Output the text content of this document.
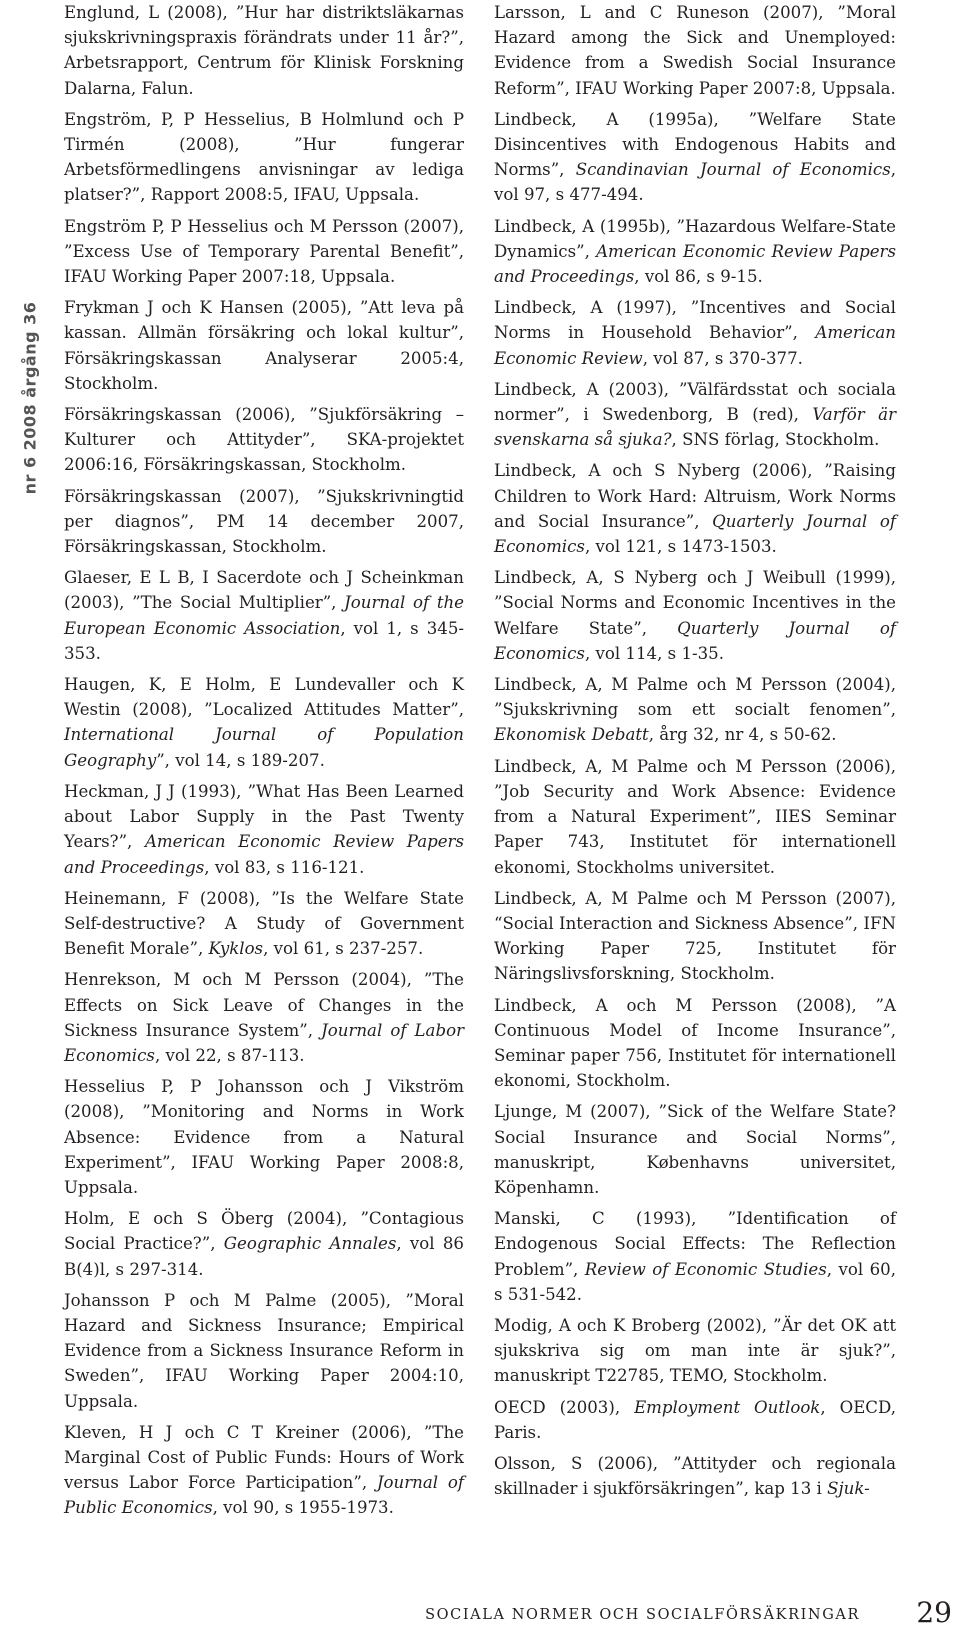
nr 6 2008 årgång 36

Englund, L (2008), ”Hur har distriktsläkarnas sjukskrivningspraxis förändrats under 11 år?”, Arbetsrapport, Centrum för Klinisk Forskning Dalarna, Falun.

Engström, P, P Hesselius, B Holmlund och P Tirmén (2008), ”Hur fungerar Arbetsförmedlingens anvisningar av lediga platser?”, Rapport 2008:5, IFAU, Uppsala.

Engström P, P Hesselius och M Persson (2007), ”Excess Use of Temporary Parental Benefit”, IFAU Working Paper 2007:18, Uppsala.

Frykman J och K Hansen (2005), ”Att leva på kassan. Allmän försäkring och lokal kultur”, Försäkringskassan Analyserar 2005:4, Stockholm.

Försäkringskassan (2006), ”Sjukförsäkring – Kulturer och Attityder”, SKA-projektet 2006:16, Försäkringskassan, Stockholm.

Försäkringskassan (2007), ”Sjukskrivningtid per diagnos”, PM 14 december 2007, Försäkringskassan, Stockholm.

Glaeser, E L B, I Sacerdote och J Scheinkman (2003), ”The Social Multiplier”, Journal of the European Economic Association, vol 1, s 345-353.

Haugen, K, E Holm, E Lundevaller och K Westin (2008), ”Localized Attitudes Matter”, International Journal of Population Geography”, vol 14, s 189-207.

Heckman, J J (1993), ”What Has Been Learned about Labor Supply in the Past Twenty Years?”, American Economic Review Papers and Proceedings, vol 83, s 116-121.

Heinemann, F (2008), ”Is the Welfare State Self-destructive? A Study of Government Benefit Morale”, Kyklos, vol 61, s 237-257.

Henrekson, M och M Persson (2004), ”The Effects on Sick Leave of Changes in the Sickness Insurance System”, Journal of Labor Economics, vol 22, s 87-113.

Hesselius P, P Johansson och J Vikström (2008), ”Monitoring and Norms in Work Absence: Evidence from a Natural Experiment”, IFAU Working Paper 2008:8, Uppsala.

Holm, E och S Öberg (2004), ”Contagious Social Practice?”, Geographic Annales, vol 86 B(4)l, s 297-314.

Johansson P och M Palme (2005), ”Moral Hazard and Sickness Insurance; Empirical Evidence from a Sickness Insurance Reform in Sweden”, IFAU Working Paper 2004:10, Uppsala.

Kleven, H J och C T Kreiner (2006), ”The Marginal Cost of Public Funds: Hours of Work versus Labor Force Participation”, Journal of Public Economics, vol 90, s 1955-1973.

Larsson, L and C Runeson (2007), ”Moral Hazard among the Sick and Unemployed: Evidence from a Swedish Social Insurance Reform”, IFAU Working Paper 2007:8, Uppsala.

Lindbeck, A (1995a), ”Welfare State Disincentives with Endogenous Habits and Norms”, Scandinavian Journal of Economics, vol 97, s 477-494.

Lindbeck, A (1995b), ”Hazardous Welfare-State Dynamics”, American Economic Review Papers and Proceedings, vol 86, s 9-15.

Lindbeck, A (1997), ”Incentives and Social Norms in Household Behavior”, American Economic Review, vol 87, s 370-377.

Lindbeck, A (2003), ”Välfärdsstat och sociala normer”, i Swedenborg, B (red), Varför är svenskarna så sjuka?, SNS förlag, Stockholm.

Lindbeck, A och S Nyberg (2006), ”Raising Children to Work Hard: Altruism, Work Norms and Social Insurance”, Quarterly Journal of Economics, vol 121, s 1473-1503.

Lindbeck, A, S Nyberg och J Weibull (1999), ”Social Norms and Economic Incentives in the Welfare State”, Quarterly Journal of Economics, vol 114, s 1-35.

Lindbeck, A, M Palme och M Persson (2004), ”Sjukskrivning som ett socialt fenomen”, Ekonomisk Debatt, årg 32, nr 4, s 50-62.

Lindbeck, A, M Palme och M Persson (2006), ”Job Security and Work Absence: Evidence from a Natural Experiment”, IIES Seminar Paper 743, Institutet för internationell ekonomi, Stockholms universitet.

Lindbeck, A, M Palme och M Persson (2007), “Social Interaction and Sickness Absence”, IFN Working Paper 725, Institutet för Näringslivsforskning, Stockholm.

Lindbeck, A och M Persson (2008), ”A Continuous Model of Income Insurance”, Seminar paper 756, Institutet för internationell ekonomi, Stockholm.

Ljunge, M (2007), ”Sick of the Welfare State? Social Insurance and Social Norms”, manuskript, Københavns universitet, Köpenhamn.

Manski, C (1993), ”Identification of Endogenous Social Effects: The Reflection Problem”, Review of Economic Studies, vol 60, s 531-542.

Modig, A och K Broberg (2002), ”Är det OK att sjukskriva sig om man inte är sjuk?”, manuskript T22785, TEMO, Stockholm.

OECD (2003), Employment Outlook, OECD, Paris.

Olsson, S (2006), ”Attityder och regionala skillnader i sjukförsäkringen”, kap 13 i Sjuk-

SOCIALA NORMER OCH SOCIALFÖRSÄKRINGAR 29
